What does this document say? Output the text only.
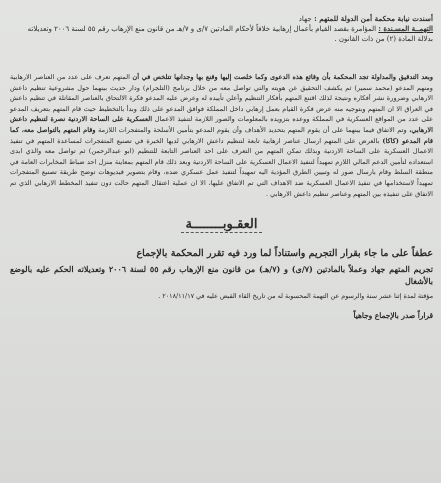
أسندت نيابة محكمة أمن الدولة للمتهم : جهاد

التهمــة المسـندة : المؤامرة بقصد القيام بأعمال إرهابية خلافاً لأحكام المادتين ٧/ى و ٧/هـ من قانون منع الإرهاب رقم ٥٥ لسنة ٢٠٠٦ وتعديلاته بدلالة المادة (٢) من ذات القانون .

وبعد التدقيق والمداولة تجد المحكمة بأن وقائع هذه الدعوى وكما خلصت إليها وقنع بها وجدانها تتلخص في أن المتهم تعرف على عدد من العناصر الارهابية ومنهم المدعو (محمد سمير) ثم يكشف التحقيق عن هويته والتي تواصل معه من خلال برنامج (التلجرام) ودار حديث بينهما حول مشروعية تنظيم داعش الارهابي وضرورة نشر أفكاره ونتيجة لذلك اقتنع المتهم بأفكار التنظيم وأعلن تأييده له وعرض عليه المدعو فكرة الالتحاق بالعناصر المقاتلة في تنظيم داعش في العراق الا ان المتهم وبتوجيه منه عرض فكرة القيام بعمل إرهابي داخل المملكة فوافق المدعو على ذلك وبدأ بالتخطيط حيث قام المتهم بتعريف المدعو على عدد من المواقع العسكرية في المملكة ووعده بتزويده بالمعلومات والصور اللازمة لتنفيذ الاعمال العسكرية على الساحة الاردنية نصرة لتنظيم داعش الارهابي، وتم الاتفاق فيما بينهما على أن يقوم المتهم بتحديد الأهداف وأن يقوم المدعو بتأمين الأسلحة والمتفجرات اللازمة وقام المتهم بالتواصل معه، كما قام المدعو (كاكا) بالعرض على المتهم ارسال عناصر ارهابية تابعة لتنظيم داعش الارهابي لديها الخبرة في تصنيع المتفجرات لمساعدة المتهم في تنفيذ الاعمال العسكرية على الساحة الاردنية وبذلك تمكن المتهم من التعرف على احد العناصر التابعة للتنظيم (ابو عبدالرحمن) ثم تواصل معه والذي ابدى استعداده لتأمين الدعم المالي اللازم تمهيداً لتنفيذ الاعمال العسكرية على الساحة الاردنية وبعد ذلك قام المتهم بمعاينة منزل احد ضباط المخابرات العامة في منطقة السلط وقام بارسال صور له وتبيين الطرق المؤدية اليه تمهيداً لتنفيذ عمل عسكري ضده، وقام بتصوير فيديوهات توضح طريقة تصنيع المتفجرات تمهيداً لاستخدامها في تنفيذ الاعمال العسكرية ضد الاهداف التي تم الاتفاق عليها، الا ان عملية اعتقال المتهم حالت دون تنفيذ المخطط الارهابي الذي تم الاتفاق على تنفيذه بين المتهم وعناصر تنظيم داعش الارهابي .

العقـوبــــــــة

عطفاً على ما جاء بقرار التجريم واستناداً لما ورد فيه تقرر المحكمة بالإجماع

تجريم المتهم جهاد وعملاً بالمادتين (٧/ى) و (٧/هـ) من قانون منع الإرهاب رقم ٥٥ لسنة ٢٠٠٦ وتعديلاته الحكم عليه بالوضع بالأشغال

مؤقتة لمدة إثنا عشر سنة والرسوم عن التهمة المحسوبة له من تاريخ القاء القبض عليه في ٢٠١٨/١١/١٧ .

قراراً صدر بالإجماع وجاهياً
